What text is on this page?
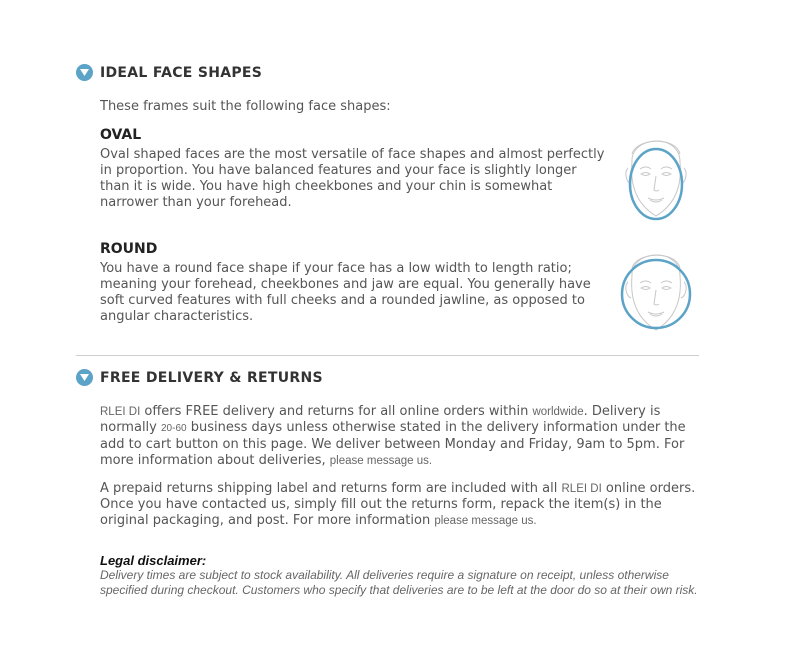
IDEAL FACE SHAPES
These frames suit the following face shapes:
OVAL
Oval shaped faces are the most versatile of face shapes and almost perfectly in proportion. You have balanced features and your face is slightly longer than it is wide. You have high cheekbones and your chin is somewhat narrower than your forehead.
ROUND
You have a round face shape if your face has a low width to length ratio; meaning your forehead, cheekbones and jaw are equal. You generally have soft curved features with full cheeks and a rounded jawline, as opposed to angular characteristics.
FREE DELIVERY & RETURNS
RLEI DI offers FREE delivery and returns for all online orders within worldwide. Delivery is normally 20-60 business days unless otherwise stated in the delivery information under the add to cart button on this page. We deliver between Monday and Friday, 9am to 5pm. For more information about deliveries, please message us.
A prepaid returns shipping label and returns form are included with all RLEI DI online orders. Once you have contacted us, simply fill out the returns form, repack the item(s) in the original packaging, and post. For more information please message us.
Legal disclaimer:
Delivery times are subject to stock availability. All deliveries require a signature on receipt, unless otherwise specified during checkout. Customers who specify that deliveries are to be left at the door do so at their own risk.
